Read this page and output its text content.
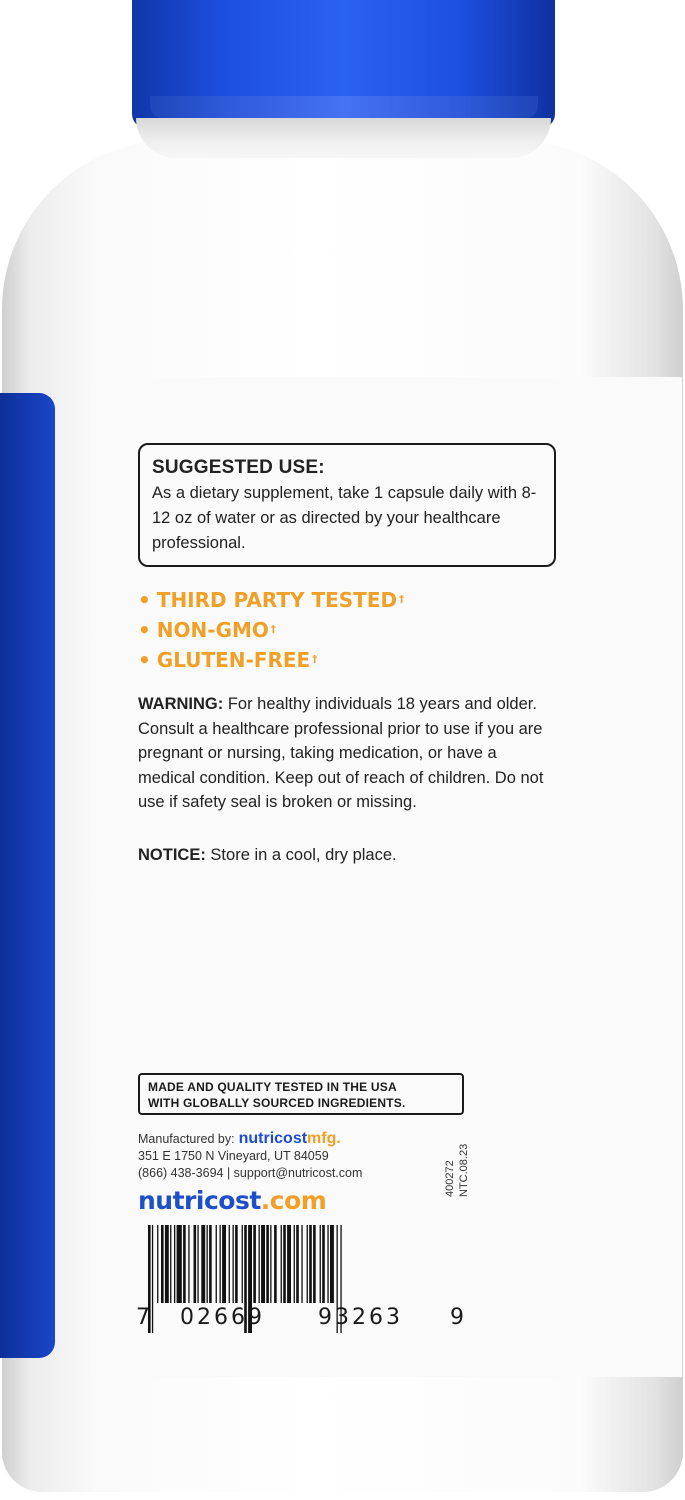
SUGGESTED USE:
As a dietary supplement, take 1 capsule daily with 8-12 oz of water or as directed by your healthcare professional.
• THIRD PARTY TESTED †
• NON-GMO †
• GLUTEN-FREE †
WARNING: For healthy individuals 18 years and older. Consult a healthcare professional prior to use if you are pregnant or nursing, taking medication, or have a medical condition. Keep out of reach of children. Do not use if safety seal is broken or missing.
NOTICE: Store in a cool, dry place.
MADE AND QUALITY TESTED IN THE USA
WITH GLOBALLY SOURCED INGREDIENTS.
Manufactured by: nutricostmfg.
351 E 1750 N Vineyard, UT 84059
(866) 438-3694 | support@nutricost.com
nutricost.com
400272 NTC.08.23
7 02669 93263 9
